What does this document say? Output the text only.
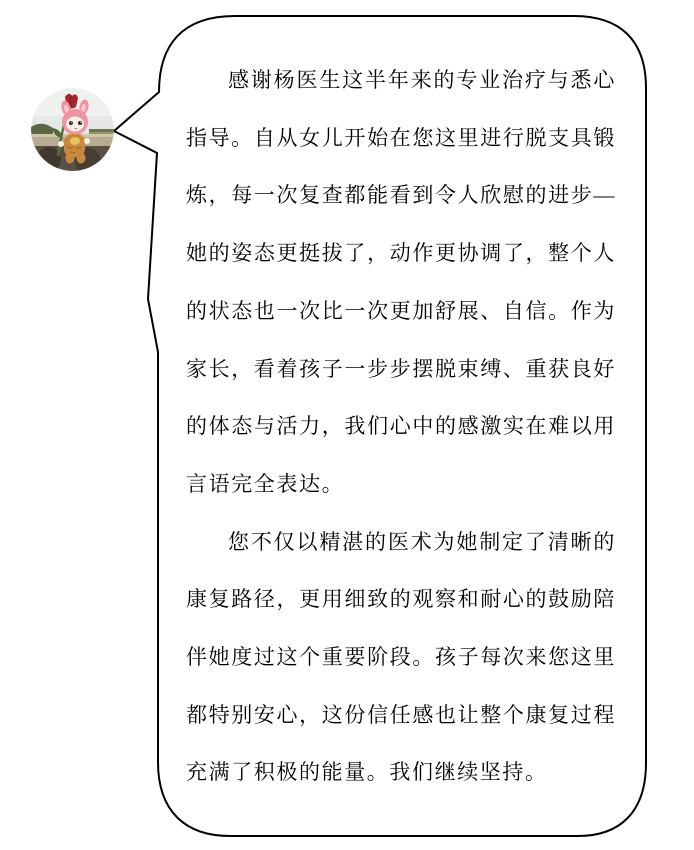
感谢杨医生这半年来的专业治疗与悉心
指导。自从女儿开始在您这里进行脱支具锻
炼，每一次复查都能看到令人欣慰的进步—
她的姿态更挺拔了，动作更协调了，整个人
的状态也一次比一次更加舒展、自信。作为
家长，看着孩子一步步摆脱束缚、重获良好
的体态与活力，我们心中的感激实在难以用
言语完全表达。
您不仅以精湛的医术为她制定了清晰的
康复路径，更用细致的观察和耐心的鼓励陪
伴她度过这个重要阶段。孩子每次来您这里
都特别安心，这份信任感也让整个康复过程
充满了积极的能量。我们继续坚持。
